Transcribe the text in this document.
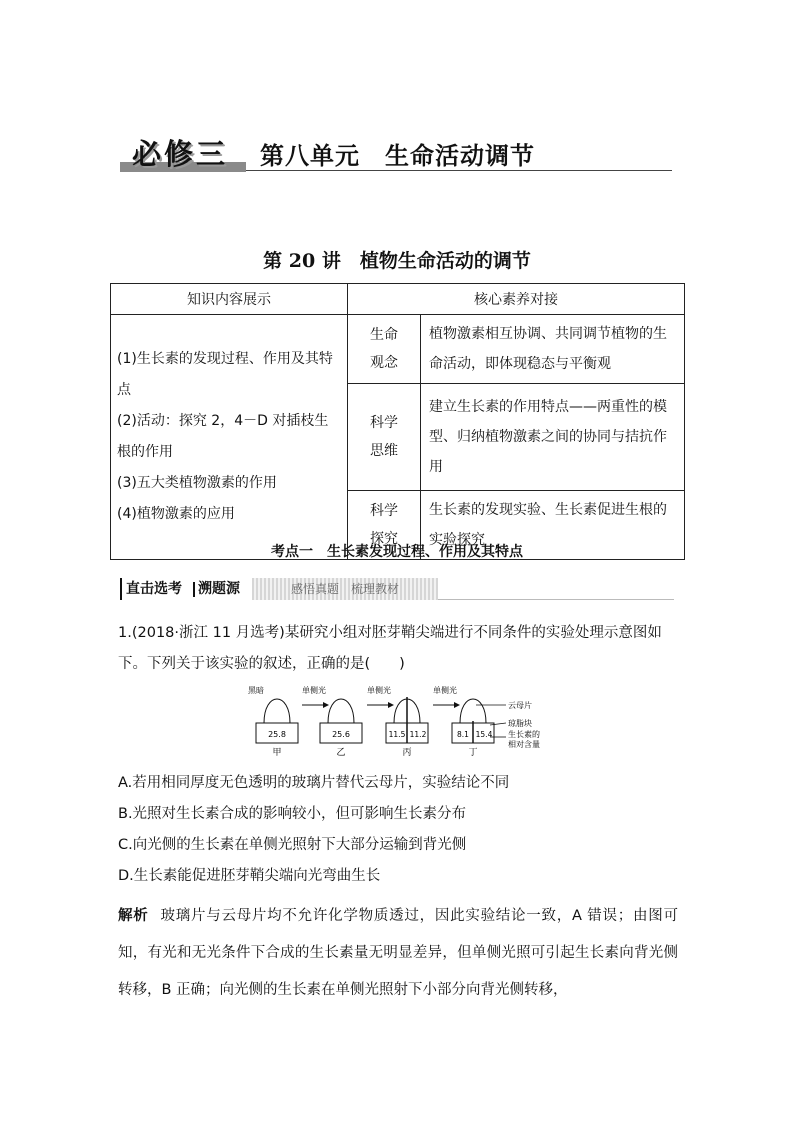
必修三 第八单元　生命活动调节
第 20 讲　植物生命活动的调节
知识内容展示	核心素养对接	

(1)生长素的发现过程、作用及其特点
(2)活动：探究 2，4－D 对插枝生根的作用
(3)五大类植物激素的作用
(4)植物激素的应用	生命观念	植物激素相互协调、共同调节植物的生命活动，即体现稳态与平衡观

	科学思维	建立生长素的作用特点——两重性的模型、归纳植物激素之间的协同与拮抗作用

	科学探究	生长素的发现实验、生长素促进生根的实验探究
考点一　生长素发现过程、作用及其特点
直击选考 溯题源	感悟真题　梳理教材
1.(2018·浙江 11 月选考)某研究小组对胚芽鞘尖端进行不同条件的实验处理示意图如下。下列关于该实验的叙述，正确的是(　　)
黑暗
25.8
甲
单侧光
25.6
乙
单侧光
11.5 11.2
丙
单侧光
8.1 15.4
丁
云母片
琼脂块
生长素的
相对含量
A.若用相同厚度无色透明的玻璃片替代云母片，实验结论不同
B.光照对生长素合成的影响较小，但可影响生长素分布
C.向光侧的生长素在单侧光照射下大部分运输到背光侧
D.生长素能促进胚芽鞘尖端向光弯曲生长
解析 玻璃片与云母片均不允许化学物质透过，因此实验结论一致，A 错误；由图可知，有光和无光条件下合成的生长素量无明显差异，但单侧光照可引起生长素向背光侧转移，B 正确；向光侧的生长素在单侧光照射下小部分向背光侧转移，
